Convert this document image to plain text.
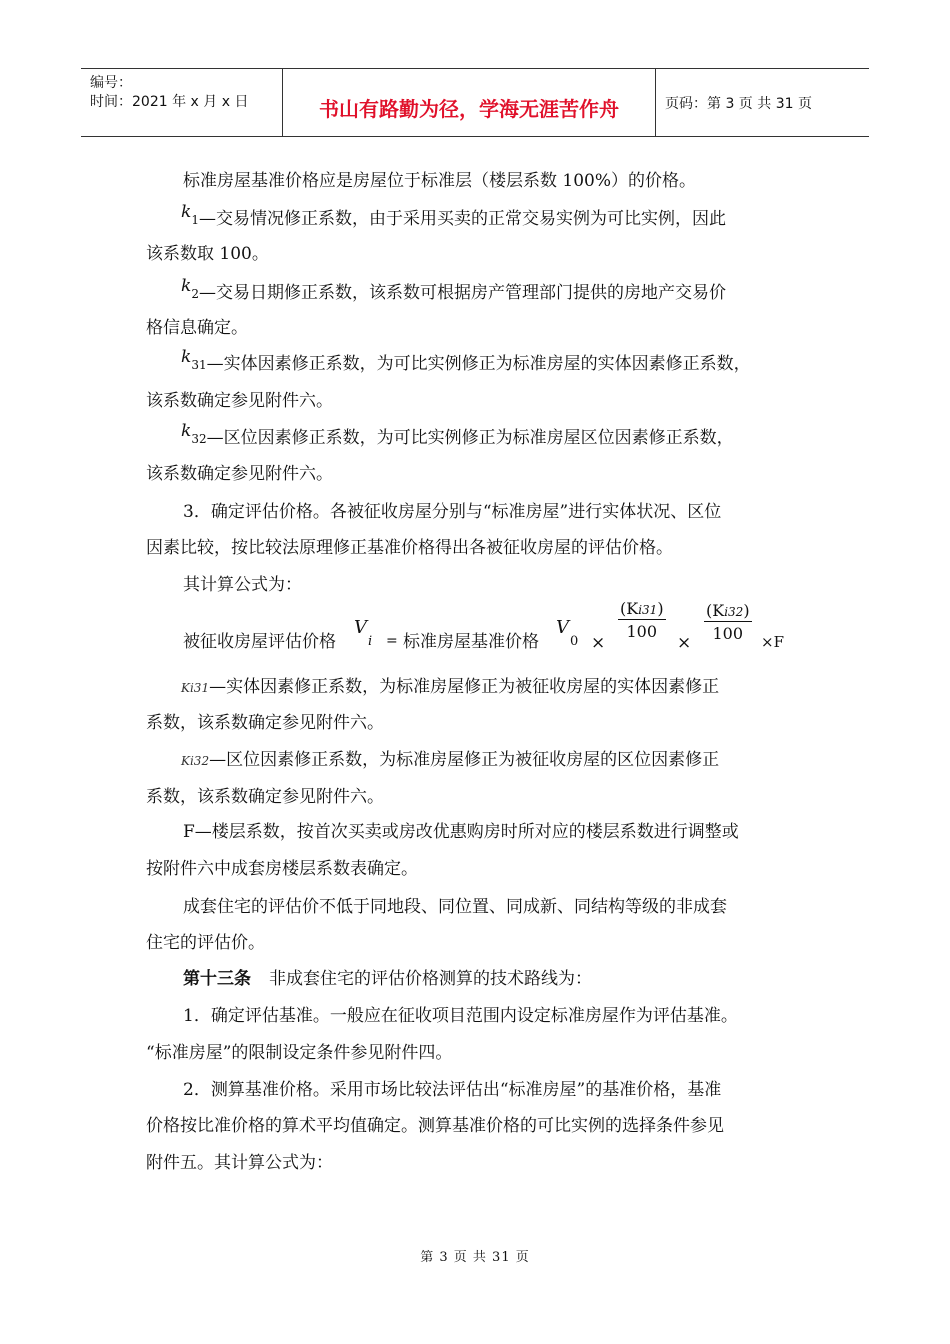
编号：
时间：2021 年 x 月 x 日	书山有路勤为径，学海无涯苦作舟	页码：第 3 页 共 31 页
标准房屋基准价格应是房屋位于标准层（楼层系数 100%）的价格。
k1—交易情况修正系数，由于采用买卖的正常交易实例为可比实例，因此
该系数取 100。
k2—交易日期修正系数，该系数可根据房产管理部门提供的房地产交易价
格信息确定。
k31—实体因素修正系数，为可比实例修正为标准房屋的实体因素修正系数，
该系数确定参见附件六。
k32—区位因素修正系数，为可比实例修正为标准房屋区位因素修正系数，
该系数确定参见附件六。
3．确定评估价格。各被征收房屋分别与“标准房屋”进行实体状况、区位
因素比较，按比较法原理修正基准价格得出各被征收房屋的评估价格。
其计算公式为：
被征收房屋评估价格
V
i = 标准房屋基准价格
V
0 ×
$\frac{(Ki31)}{100}$
× $\frac{(Ki32)}{100} \times F$
Ki31—实体因素修正系数，为标准房屋修正为被征收房屋的实体因素修正
系数，该系数确定参见附件六。
Ki32—区位因素修正系数，为标准房屋修正为被征收房屋的区位因素修正
系数，该系数确定参见附件六。
F—楼层系数，按首次买卖或房改优惠购房时所对应的楼层系数进行调整或
按附件六中成套房楼层系数表确定。
成套住宅的评估价不低于同地段、同位置、同成新、同结构等级的非成套
住宅的评估价。
第十三条 非成套住宅的评估价格测算的技术路线为：
1．确定评估基准。一般应在征收项目范围内设定标准房屋作为评估基准。
“标准房屋”的限制设定条件参见附件四。
2．测算基准价格。采用市场比较法评估出“标准房屋”的基准价格，基准
价格按比准价格的算术平均值确定。测算基准价格的可比实例的选择条件参见
附件五。其计算公式为：
第 3 页 共 31 页
